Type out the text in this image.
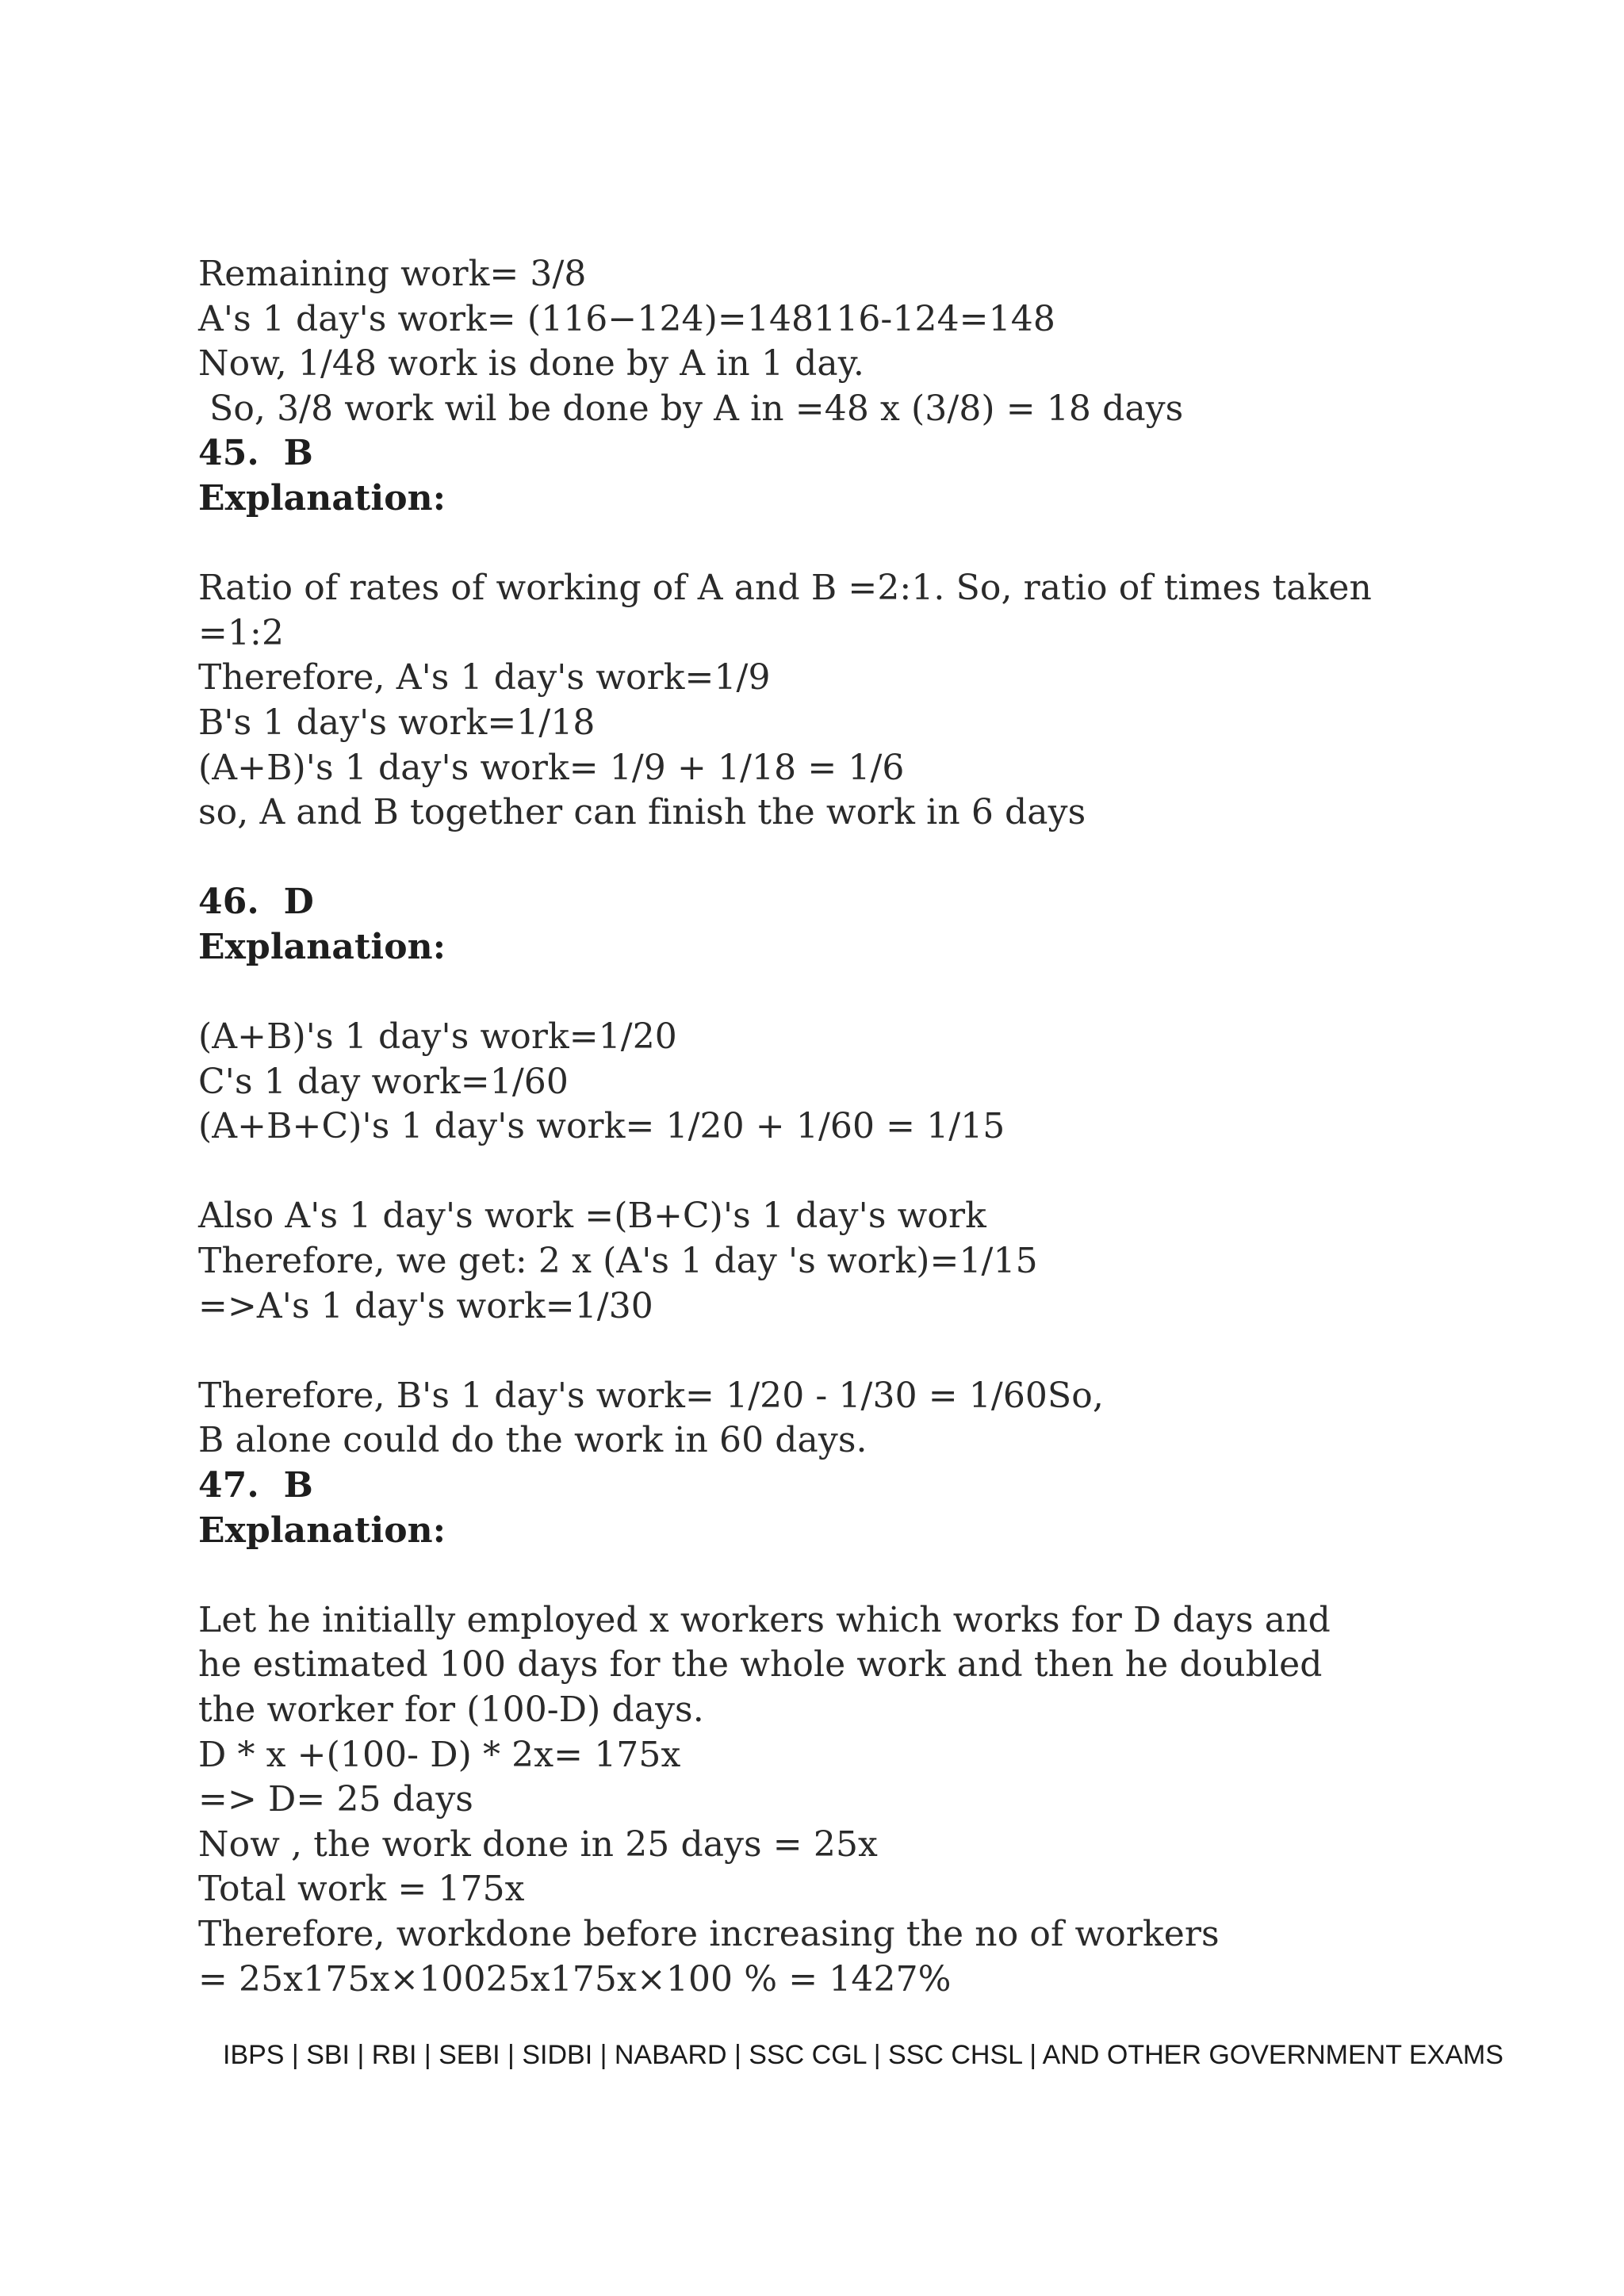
Remaining work= 3/8
A's 1 day's work= (116−124)=148116-124=148
Now, 1/48 work is done by A in 1 day.
So, 3/8 work wil be done by A in =48 x (3/8) = 18 days
45.  B
Explanation:
Ratio of rates of working of A and B =2:1. So, ratio of times taken
=1:2
Therefore, A's 1 day's work=1/9
B's 1 day's work=1/18
(A+B)'s 1 day's work= 1/9 + 1/18 = 1/6
so, A and B together can finish the work in 6 days
46.  D
Explanation:
(A+B)'s 1 day's work=1/20
C's 1 day work=1/60
(A+B+C)'s 1 day's work= 1/20 + 1/60 = 1/15
Also A's 1 day's work =(B+C)'s 1 day's work
Therefore, we get: 2 x (A's 1 day 's work)=1/15
=>A's 1 day's work=1/30
Therefore, B's 1 day's work= 1/20 - 1/30 = 1/60So,
B alone could do the work in 60 days.
47.  B
Explanation:
Let he initially employed x workers which works for D days and
he estimated 100 days for the whole work and then he doubled
the worker for (100-D) days.
D * x +(100- D) * 2x= 175x
=> D= 25 days
Now , the work done in 25 days = 25x
Total work = 175x
Therefore, workdone before increasing the no of workers
= 25x175x×10025x175x×100 % = 1427%
IBPS | SBI | RBI | SEBI | SIDBI | NABARD | SSC CGL | SSC CHSL | AND OTHER GOVERNMENT EXAMS
